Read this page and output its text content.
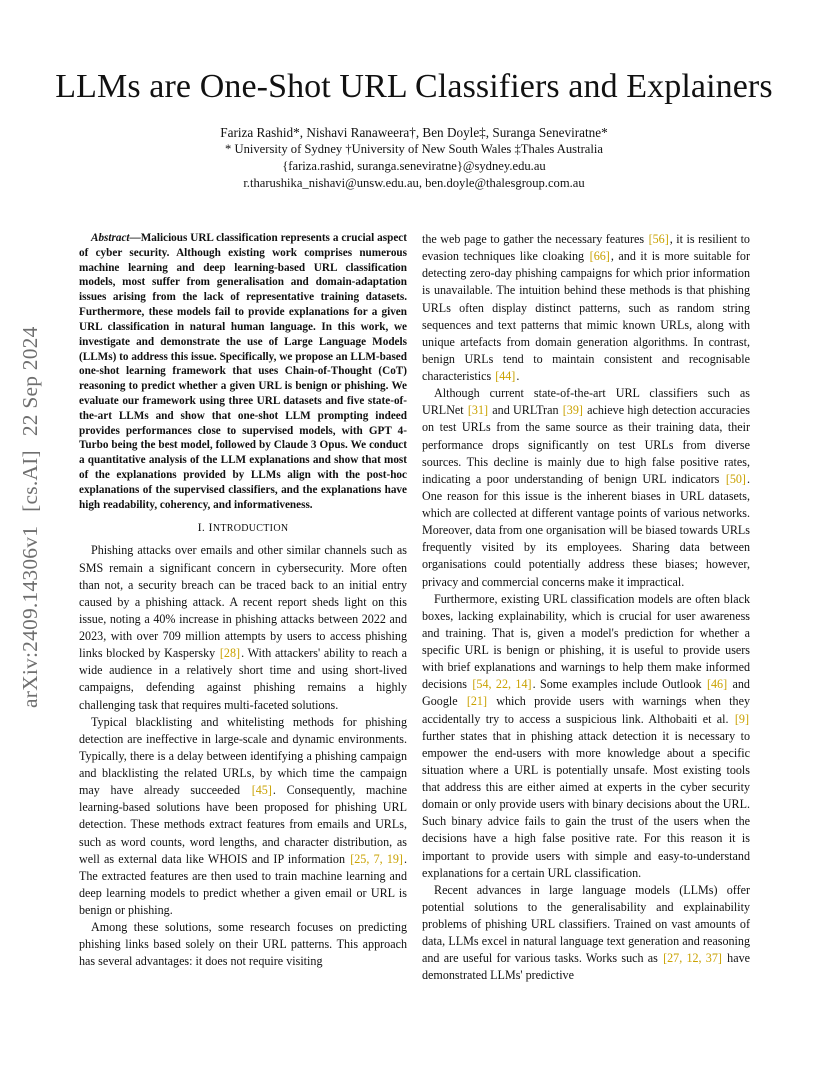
LLMs are One-Shot URL Classifiers and Explainers
Fariza Rashid*, Nishavi Ranaweera†, Ben Doyle‡, Suranga Seneviratne*
* University of Sydney †University of New South Wales ‡Thales Australia
{fariza.rashid, suranga.seneviratne}@sydney.edu.au
r.tharushika_nishavi@unsw.edu.au, ben.doyle@thalesgroup.com.au
arXiv:2409.14306v1[cs.AI]22 Sep 2024

Abstract—Malicious URL classification represents a crucial aspect of cyber security. Although existing work comprises numerous machine learning and deep learning-based URL classification models, most suffer from generalisation and domain-adaptation issues arising from the lack of representative training datasets. Furthermore, these models fail to provide explanations for a given URL classification in natural human language. In this work, we investigate and demonstrate the use of Large Language Models (LLMs) to address this issue. Specifically, we propose an LLM-based one-shot learning framework that uses Chain-of-Thought (CoT) reasoning to predict whether a given URL is benign or phishing. We evaluate our framework using three URL datasets and five state-of-the-art LLMs and show that one-shot LLM prompting indeed provides performances close to supervised models, with GPT 4-Turbo being the best model, followed by Claude 3 Opus. We conduct a quantitative analysis of the LLM explanations and show that most of the explanations provided by LLMs align with the post-hoc explanations of the supervised classifiers, and the explanations have high readability, coherency, and informativeness.

I. INTRODUCTION

Phishing attacks over emails and other similar channels such as SMS remain a significant concern in cybersecurity. More often than not, a security breach can be traced back to an initial entry caused by a phishing attack. A recent report sheds light on this issue, noting a 40% increase in phishing attacks between 2022 and 2023, with over 709 million attempts by users to access phishing links blocked by Kaspersky [28]. With attackers' ability to reach a wide audience in a relatively short time and using short-lived campaigns, defending against phishing remains a highly challenging task that requires multi-faceted solutions.

Typical blacklisting and whitelisting methods for phishing detection are ineffective in large-scale and dynamic environments. Typically, there is a delay between identifying a phishing campaign and blacklisting the related URLs, by which time the campaign may have already succeeded [45]. Consequently, machine learning-based solutions have been proposed for phishing URL detection. These methods extract features from emails and URLs, such as word counts, word lengths, and character distribution, as well as external data like WHOIS and IP information [25, 7, 19]. The extracted features are then used to train machine learning and deep learning models to predict whether a given email or URL is benign or phishing.

Among these solutions, some research focuses on predicting phishing links based solely on their URL patterns. This approach has several advantages: it does not require visiting

the web page to gather the necessary features [56], it is resilient to evasion techniques like cloaking [66], and it is more suitable for detecting zero-day phishing campaigns for which prior information is unavailable. The intuition behind these methods is that phishing URLs often display distinct patterns, such as random string sequences and text patterns that mimic known URLs, along with unique artefacts from domain generation algorithms. In contrast, benign URLs tend to maintain consistent and recognisable characteristics [44].

Although current state-of-the-art URL classifiers such as URLNet [31] and URLTran [39] achieve high detection accuracies on test URLs from the same source as their training data, their performance drops significantly on test URLs from diverse sources. This decline is mainly due to high false positive rates, indicating a poor understanding of benign URL indicators [50]. One reason for this issue is the inherent biases in URL datasets, which are collected at different vantage points of various networks. Moreover, data from one organisation will be biased towards URLs frequently visited by its employees. Sharing data between organisations could potentially address these biases; however, privacy and commercial concerns make it impractical.

Furthermore, existing URL classification models are often black boxes, lacking explainability, which is crucial for user awareness and training. That is, given a model's prediction for whether a specific URL is benign or phishing, it is useful to provide users with brief explanations and warnings to help them make informed decisions [54, 22, 14]. Some examples include Outlook [46] and Google [21] which provide users with warnings when they accidentally try to access a suspicious link. Althobaiti et al. [9] further states that in phishing attack detection it is necessary to empower the end-users with more knowledge about a specific situation where a URL is potentially unsafe. Most existing tools that address this are either aimed at experts in the cyber security domain or only provide users with binary decisions about the URL. Such binary advice fails to gain the trust of the users when the decisions have a high false positive rate. For this reason it is important to provide users with simple and easy-to-understand explanations for a certain URL classification.

Recent advances in large language models (LLMs) offer potential solutions to the generalisability and explainability problems of phishing URL classifiers. Trained on vast amounts of data, LLMs excel in natural language text generation and reasoning and are useful for various tasks. Works such as [27, 12, 37] have demonstrated LLMs' predictive
